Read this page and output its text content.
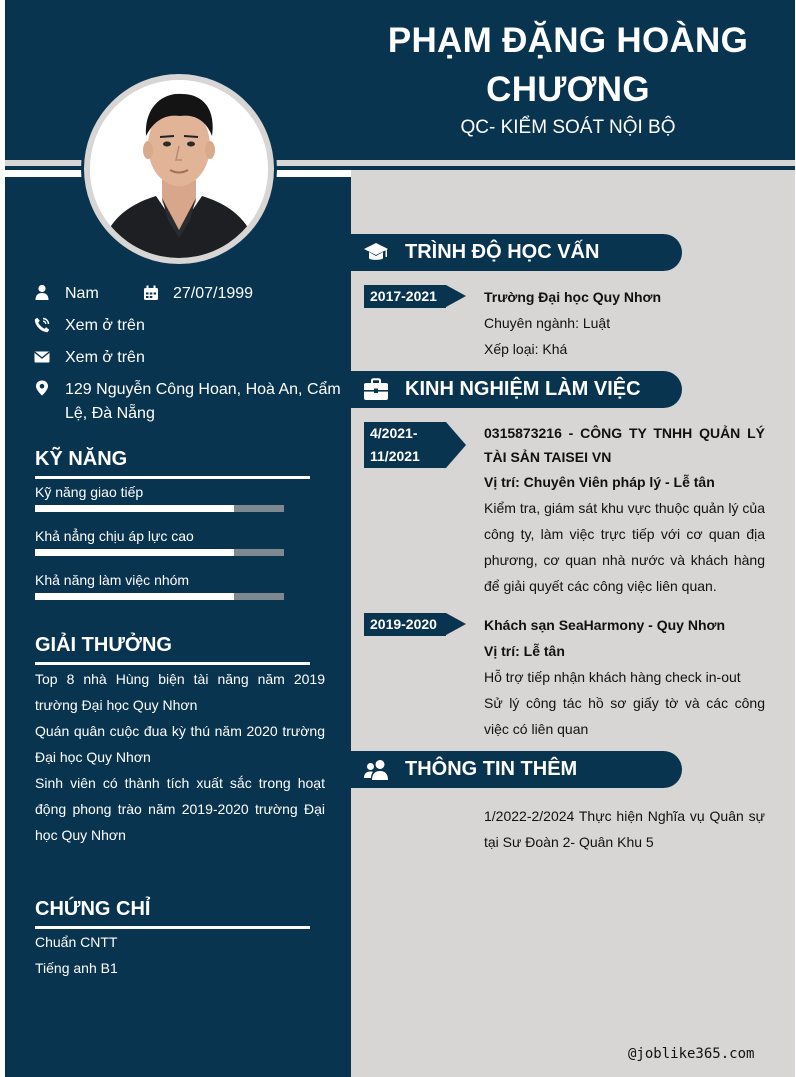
PHẠM ĐẶNG HOÀNG
CHƯƠNG
QC- KIỂM SOÁT NỘI BỘ
Nam	27/07/1999
Xem ở trên
Xem ở trên
129 Nguyễn Công Hoan, Hoà An, Cẩm
Lệ, Đà Nẵng
KỸ NĂNG
Kỹ năng giao tiếp
Khả nẳng chịu áp lực cao
Khả năng làm việc nhóm
GIẢI THƯỞNG
Top 8 nhà Hùng biện tài năng năm 2019 trường Đại học Quy Nhơn
Quán quân cuộc đua kỳ thú năm 2020 trường Đại học Quy Nhơn
Sinh viên có thành tích xuất sắc trong hoạt động phong trào năm 2019-2020 trường Đại học Quy Nhơn
CHỨNG CHỈ
Chuẩn CNTT
Tiếng anh B1
TRÌNH ĐỘ HỌC VẤN
2017-2021	Trường Đại học Quy Nhơn
Chuyên ngành: Luật
Xếp loại: Khá
KINH NGHIỆM LÀM VIỆC
4/2021-
11/2021
0315873216 - CÔNG TY TNHH QUẢN LÝ TÀI SẢN TAISEI VN
Vị trí: Chuyên Viên pháp lý - Lễ tân
Kiểm tra, giám sát khu vực thuộc quản lý của công ty, làm việc trực tiếp với cơ quan địa phương, cơ quan nhà nước và khách hàng để giải quyết các công việc liên quan.
2019-2020	Khách sạn SeaHarmony - Quy Nhơn
Vị trí: Lễ tân
Hỗ trợ tiếp nhận khách hàng check in-out
Sử lý công tác hồ sơ giấy tờ và các công việc có liên quan
THÔNG TIN THÊM
1/2022-2/2024 Thực hiện Nghĩa vụ Quân sự tại Sư Đoàn 2- Quân Khu 5
@joblike365.com
